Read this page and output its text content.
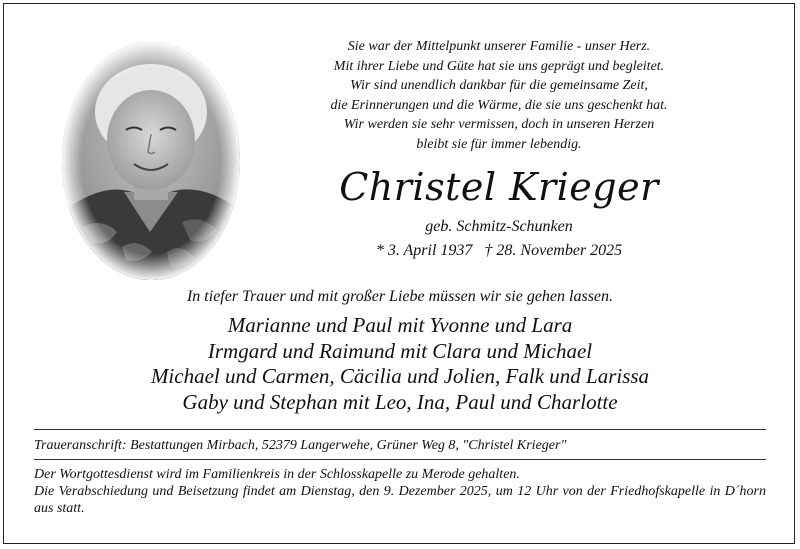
Sie war der Mittelpunkt unserer Familie - unser Herz.
Mit ihrer Liebe und Güte hat sie uns geprägt und begleitet.
Wir sind unendlich dankbar für die gemeinsame Zeit,
die Erinnerungen und die Wärme, die sie uns geschenkt hat.
Wir werden sie sehr vermissen, doch in unseren Herzen
bleibt sie für immer lebendig.
Christel Krieger
geb. Schmitz-Schunken
* 3. April 1937 † 28. November 2025
In tiefer Trauer und mit großer Liebe müssen wir sie gehen lassen.
Marianne und Paul mit Yvonne und Lara
Irmgard und Raimund mit Clara und Michael
Michael und Carmen, Cäcilia und Jolien, Falk und Larissa
Gaby und Stephan mit Leo, Ina, Paul und Charlotte
Traueranschrift: Bestattungen Mirbach, 52379 Langerwehe, Grüner Weg 8, "Christel Krieger"

Der Wortgottesdienst wird im Familienkreis in der Schlosskapelle zu Merode gehalten.

Die Verabschiedung und Beisetzung findet am Dienstag, den 9. Dezember 2025, um 12 Uhr von der Friedhofskapelle in D´horn aus statt.
